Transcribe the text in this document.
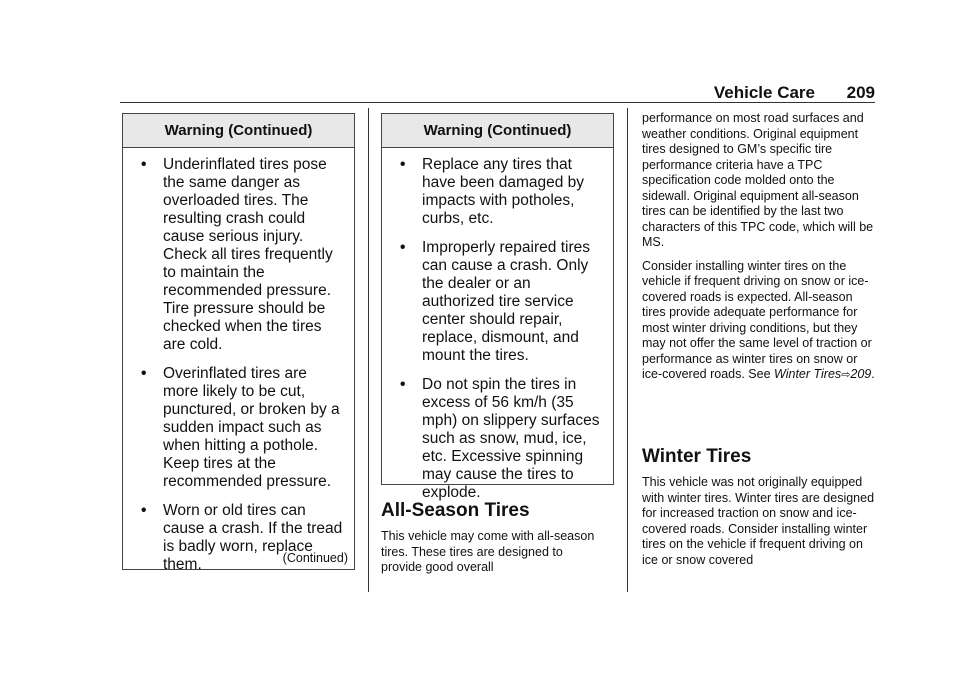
Vehicle Care 209
Warning (Continued)
• Underinflated tires pose the same danger as overloaded tires. The resulting crash could cause serious injury. Check all tires frequently to maintain the recommended pressure. Tire pressure should be checked when the tires are cold.
• Overinflated tires are more likely to be cut, punctured, or broken by a sudden impact such as when hitting a pothole. Keep tires at the recommended pressure.
• Worn or old tires can cause a crash. If the tread is badly worn, replace them.	(Continued)
Warning (Continued)
• Replace any tires that have been damaged by impacts with potholes, curbs, etc.
• Improperly repaired tires can cause a crash. Only the dealer or an authorized tire service center should repair, replace, dismount, and mount the tires.
• Do not spin the tires in excess of 56 km/h (35 mph) on slippery surfaces such as snow, mud, ice, etc. Excessive spinning may cause the tires to explode.
All-Season Tires

This vehicle may come with all-season tires. These tires are designed to provide good overall

performance on most road surfaces and weather conditions. Original equipment tires designed to GM’s specific tire performance criteria have a TPC specification code molded onto the sidewall. Original equipment all-season tires can be identified by the last two characters of this TPC code, which will be MS.

Consider installing winter tires on the vehicle if frequent driving on snow or ice-covered roads is expected. All-season tires provide adequate performance for most winter driving conditions, but they may not offer the same level of traction or performance as winter tires on snow or ice-covered roads. See Winter Tires⇨209.

Winter Tires

This vehicle was not originally equipped with winter tires. Winter tires are designed for increased traction on snow and ice-covered roads. Consider installing winter tires on the vehicle if frequent driving on ice or snow covered
